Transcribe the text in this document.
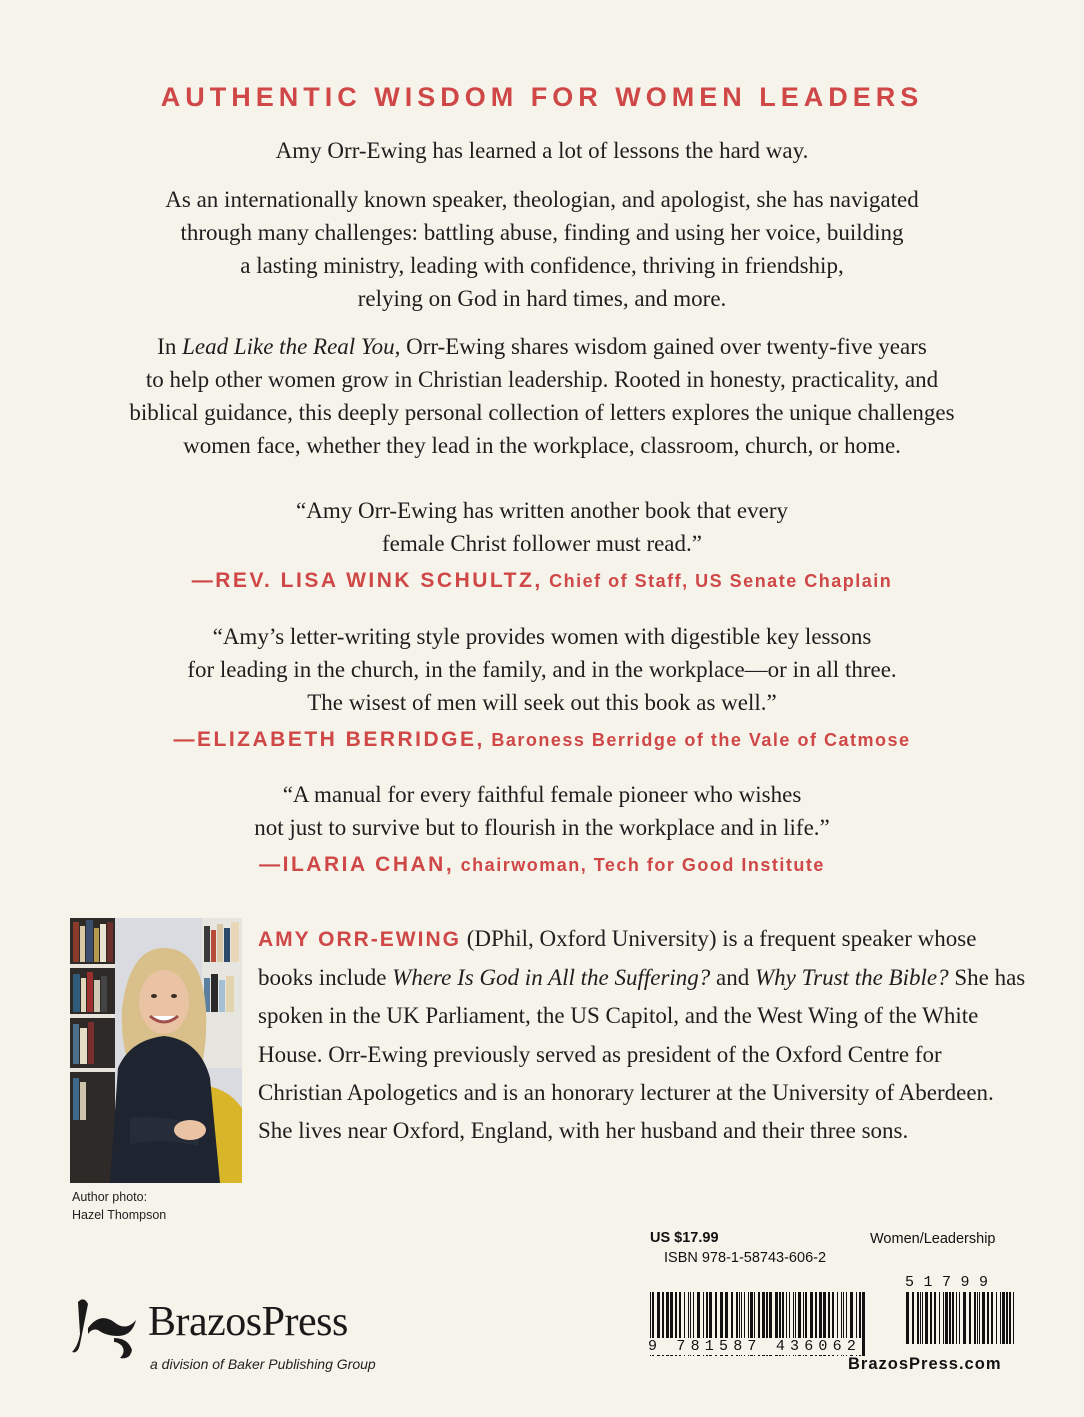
AUTHENTIC WISDOM FOR WOMEN LEADERS

Amy Orr-Ewing has learned a lot of lessons the hard way.

As an internationally known speaker, theologian, and apologist, she has navigated
through many challenges: battling abuse, finding and using her voice, building
a lasting ministry, leading with confidence, thriving in friendship,
relying on God in hard times, and more.
In Lead Like the Real You, Orr-Ewing shares wisdom gained over twenty-five years
to help other women grow in Christian leadership. Rooted in honesty, practicality, and
biblical guidance, this deeply personal collection of letters explores the unique challenges
women face, whether they lead in the workplace, classroom, church, or home.
“Amy Orr-Ewing has written another book that every
female Christ follower must read.”
—REV. LISA WINK SCHULTZ, Chief of Staff, US Senate Chaplain
“Amy’s letter-writing style provides women with digestible key lessons
for leading in the church, in the family, and in the workplace—or in all three.
The wisest of men will seek out this book as well.”
—ELIZABETH BERRIDGE, Baroness Berridge of the Vale of Catmose
“A manual for every faithful female pioneer who wishes
not just to survive but to flourish in the workplace and in life.”
—ILARIA CHAN, chairwoman, Tech for Good Institute
Author photo:
Hazel Thompson
AMY ORR-EWING (DPhil, Oxford University) is a frequent speaker whose books include Where Is God in All the Suffering? and Why Trust the Bible? She has spoken in the UK Parliament, the US Capitol, and the West Wing of the White House. Orr-Ewing previously served as president of the Oxford Centre for Christian Apologetics and is an honorary lecturer at the University of Aberdeen. She lives near Oxford, England, with her husband and their three sons.
BrazosPress
a division of Baker Publishing Group
US $17.99	Women/Leadership
ISBN 978-1-58743-606-2
51799
9 781587 436062
BrazosPress.com
